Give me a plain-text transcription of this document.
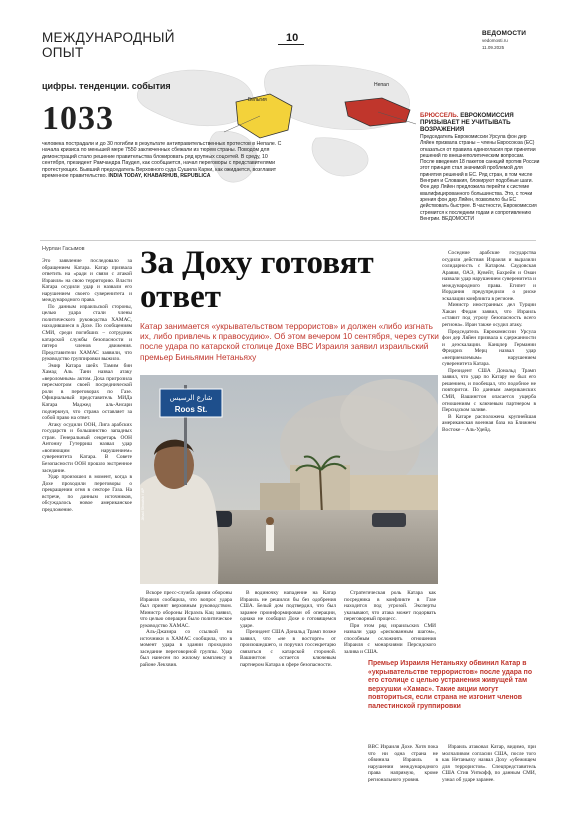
МЕЖДУНАРОДНЫЙ
ОПЫТ
10	ВЕДОМОСТИ
vedomosti.ru
11.09.2025
Бельгия
Непал
цифры. тенденции. события
1033
человека пострадали и до 30 погибли в результате антиправительственных протестов в Непале. С начала кризиса по меньшей мере 7550 заключенных сбежали из тюрем страны. Поводом для демонстраций стало решение правительства блокировать ряд крупных соцсетей. В среду, 10 сентября, президент Рамчандра Паудел, как сообщается, начал переговоры с представителями протестующих. Бывший председатель Верховного суда Сушила Карки, как ожидается, возглавит временное правительство. INDIA TODAY, KHABARHUB, REPUBLICA
БРЮССЕЛЬ. ЕВРОКОМИССИЯ ПРИЗЫВАЕТ НЕ УЧИТЫВАТЬ ВОЗРАЖЕНИЯ
Председатель Еврокомиссии Урсула фон дер Ляйен призвала страны – члены Евросоюза (ЕС) отказаться от правила единогласия при принятии решений по внешнеполитическим вопросам. После введения 18 пакетов санкций против России этот принцип стал значимой проблемой для принятия решений в ЕС. Ряд стран, в том числе Венгрия и Словакия, блокируют подобные шаги. Фон дер Ляйен предложила перейти к системе квалифицированного большинства. Это, с точки зрения фон дер Ляйен, позволило бы ЕС действовать быстрее. В частности, Еврокомиссия стремится к последним годам и сопротивлению Венгрии. ВЕДОМОСТИ
Нурлан Гасымов

Это заявление последовало за обращением Катара. Катар призвала ответить на «ради и связи с атакой Израиля» на свою территорию. Власти Катара осудили удар и назвали его нарушением своего суверенитета и международного права.

По данным израильской стороны, целью удара стали члены политического руководства ХАМАС, находившиеся в Дохе. По сообщениям СМИ, среди погибших – сотрудник катарской службы безопасности и пятеро членов движения. Представители ХАМАС заявили, что руководство группировки выжило.

Эмир Катара шейх Тамим бин Хамад Аль Тани назвал атаку «вероломным» актом. Доха пригрозила пересмотром своей посреднической роли в переговорах по Газе. Официальный представитель МИДа Катара Маджед аль-Ансари подчеркнул, что страна оставляет за собой право на ответ.

Атаку осудили ООН, Лига арабских государств и большинство западных стран. Генеральный секретарь ООН Антониу Гутерриш назвал удар «вопиющим нарушением» суверенитета Катара. В Совете Безопасности ООН прошло экстренное заседание.

Удар произошел в момент, когда в Дохе проходили переговоры о прекращении огня в секторе Газа. На встрече, по данным источников, обсуждалось новое американское предложение.

За Доху готовят ответ
Катар занимается «укрывательством террористов» и должен «либо изгнать их, либо привлечь к правосудию». Об этом вечером 10 сентября, через сутки после удара по катарской столице Дохе ВВС Израиля заявил израильский премьер Биньямин Нетаньяху
شارع الرسيس
Roos St.
Jihad Shwaish / AP

Вскоре пресс-служба армии обороны Израиля сообщила, что вопрос удара был принят верховным руководством. Министр обороны Исраэль Кац заявил, что целью операции было политическое руководство ХАМАС.

Аль-Джазира со ссылкой на источники в ХАМАС сообщила, что в момент удара в здании проходило заседание переговорной группы. Удар был нанесен по жилому комплексу в районе Лекхвия.

В водиночку нападение на Катар Израиль не решился бы без одобрения США. Белый дом подтвердил, что был заранее проинформирован об операции, однако не сообщил Дохе о готовящемся ударе.

Президент США Дональд Трамп позже заявил, что «не в восторге» от произошедшего, и поручил госсекретарю связаться с катарской стороной. Вашингтон остается ключевым партнером Катара в сфере безопасности.

Стратегическая роль Катара как посредника в конфликте в Газе находится под угрозой. Эксперты указывают, что атака может подорвать переговорный процесс.

При этом ряд израильских СМИ назвали удар «рискованным шагом», способным осложнить отношения Израиля с монархиями Персидского залива и США.

Соседние арабские государства осудили действия Израиля и выразили солидарность с Катаром. Саудовская Аравия, ОАЭ, Кувейт, Бахрейн и Оман назвали удар нарушением суверенитета и международного права. Египет и Иордания предупредили о риске эскалации конфликта в регионе.

Министр иностранных дел Турции Хакан Фидан заявил, что Израиль «ставит под угрозу безопасность всего региона». Иран также осудил атаку.

Председатель Еврокомиссии Урсула фон дер Ляйен призвала к сдержанности и деэскалации. Канцлер Германии Фридрих Мерц назвал удар «неприемлемым» нарушением суверенитета Катара.

Президент США Дональд Трамп заявил, что удар по Катару не был его решением, и пообещал, что подобное не повторится. По данным американских СМИ, Вашингтон опасается ущерба отношениям с ключевым партнером в Персидском заливе.

В Катаре расположена крупнейшая американская военная база на Ближнем Востоке – Аль-Удейд.

Премьер Израиля Нетаньяху обвинил Катар в «укрывательстве террористов» после удара по его столице с целью устранения живущей там верхушки «Хамас». Такие акции могут повториться, если страна не изгонит членов палестинской группировки

ВВС Израиля Дохе. Хотя пока что ни одна страна не обвинила Израиль в нарушении международного права напрямую, кроме регионального уровня.

Израиль атаковал Катар, видимо, при молчаливом согласии США, после того как Нетаньяху назвал Доху «убежищем для террористов». Спецпредставитель США Стив Уиткофф, по данным СМИ, узнал об ударе заранее.
